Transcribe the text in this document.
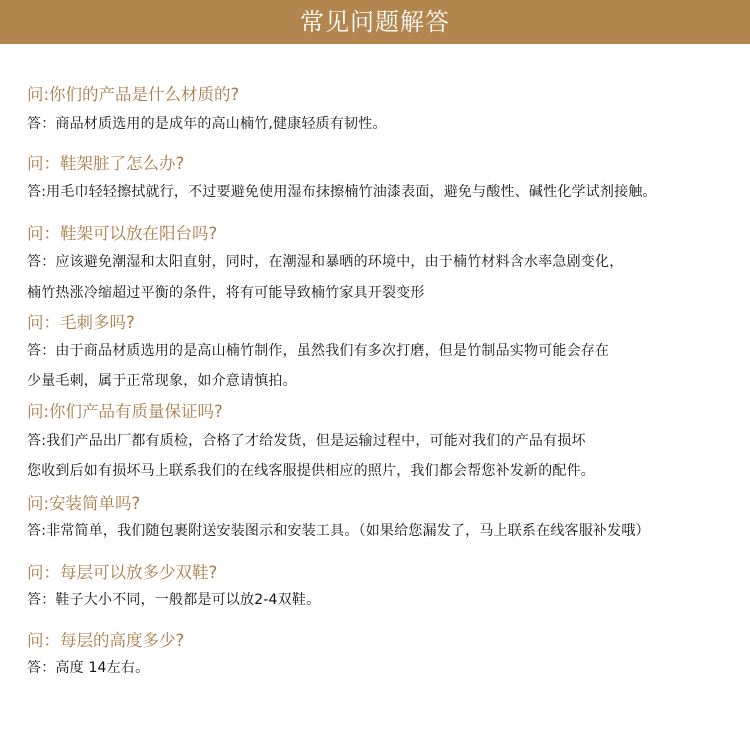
常见问题解答
问:你们的产品是什么材质的?
答：商品材质选用的是成年的高山楠竹,健康轻质有韧性。
问：鞋架脏了怎么办?
答:用毛巾轻轻擦拭就行，不过要避免使用湿布抹擦楠竹油漆表面，避免与酸性、碱性化学试剂接触。
问：鞋架可以放在阳台吗?
答：应该避免潮湿和太阳直射，同时，在潮湿和暴晒的环境中，由于楠竹材料含水率急剧变化，
楠竹热涨冷缩超过平衡的条件，将有可能导致楠竹家具开裂变形
问：毛刺多吗?
答：由于商品材质选用的是高山楠竹制作，虽然我们有多次打磨，但是竹制品实物可能会存在
少量毛刺，属于正常现象，如介意请慎拍。
问:你们产品有质量保证吗?
答:我们产品出厂都有质检，合格了才给发货，但是运输过程中，可能对我们的产品有损坏
您收到后如有损坏马上联系我们的在线客服提供相应的照片，我们都会帮您补发新的配件。
问:安装简单吗?
答:非常简单，我们随包裹附送安装图示和安装工具。（如果给您漏发了，马上联系在线客服补发哦）
问：每层可以放多少双鞋?
答：鞋子大小不同，一般都是可以放2-4双鞋。
问：每层的高度多少?
答：高度 14左右。
